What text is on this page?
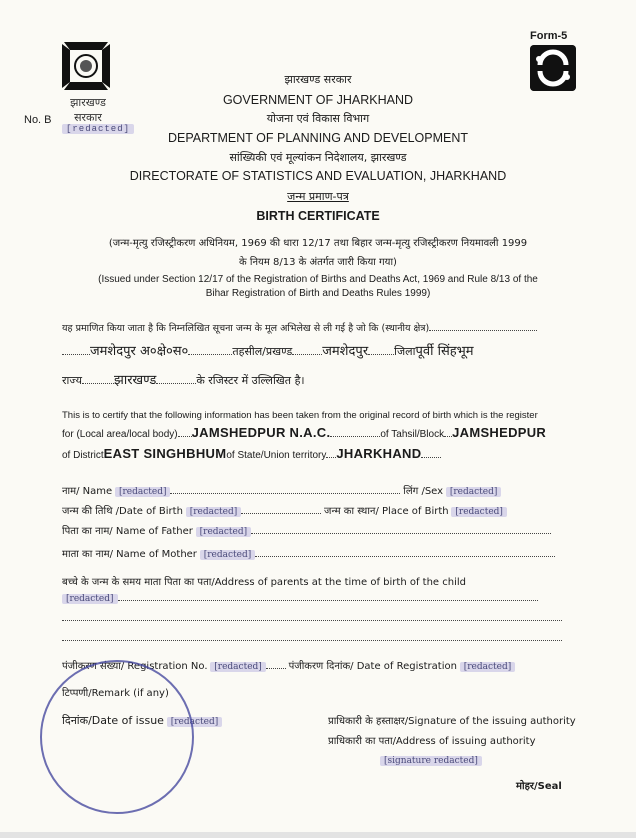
झारखण्ड सरकार
Form-5
No. B
[redacted]
झारखण्ड सरकार
GOVERNMENT OF JHARKHAND
योजना एवं विकास विभाग
DEPARTMENT OF PLANNING AND DEVELOPMENT
सांख्यिकी एवं मूल्यांकन निदेशालय, झारखण्ड
DIRECTORATE OF STATISTICS AND EVALUATION, JHARKHAND
जन्म प्रमाण-पत्र
BIRTH CERTIFICATE
(जन्म-मृत्यु रजिस्ट्रीकरण अधिनियम, 1969 की धारा 12/17 तथा बिहार जन्म-मृत्यु रजिस्ट्रीकरण नियमावली 1999
के नियम 8/13 के अंतर्गत जारी किया गया)
(Issued under Section 12/17 of the Registration of Births and Deaths Act, 1969 and Rule 8/13 of the
Bihar Registration of Birth and Deaths Rules 1999)
यह प्रमाणित किया जाता है कि निम्नलिखित सूचना जन्म के मूल अभिलेख से ली गई है जो कि (स्थानीय क्षेत्र)
जमशेदपुर अ०क्षे०स०	तहसील/प्रखण्ड जमशेदपुर जिलापूर्वी सिंहभूम
राज्य झारखण्ड	के रजिस्टर में उल्लिखित है।
This is to certify that the following information has been taken from the original record of birth which is the register
for (Local area/local body) JAMSHEDPUR N.A.C.	of Tahsil/Block JAMSHEDPUR
of DistrictEAST SINGHBHUMof State/Union territory JHARKHAND
नाम/ Name [redacted]	लिंग /Sex [redacted]
जन्म की तिथि /Date of Birth [redacted]	जन्म का स्थान/ Place of Birth [redacted]
पिता का नाम/ Name of Father [redacted]
माता का नाम/ Name of Mother [redacted]
बच्चे के जन्म के समय माता पिता का पता/Address of parents at the time of birth of the child
[redacted]
पंजीकरण संख्या/ Registration No. [redacted]	पंजीकरण दिनांक/ Date of Registration [redacted]
टिप्पणी/Remark (if any)
दिनांक/Date of issue [redacted]	प्राधिकारी के हस्ताक्षर/Signature of the issuing authority
प्राधिकारी का पता/Address of issuing authority
[signature redacted]
मोहर/Seal
